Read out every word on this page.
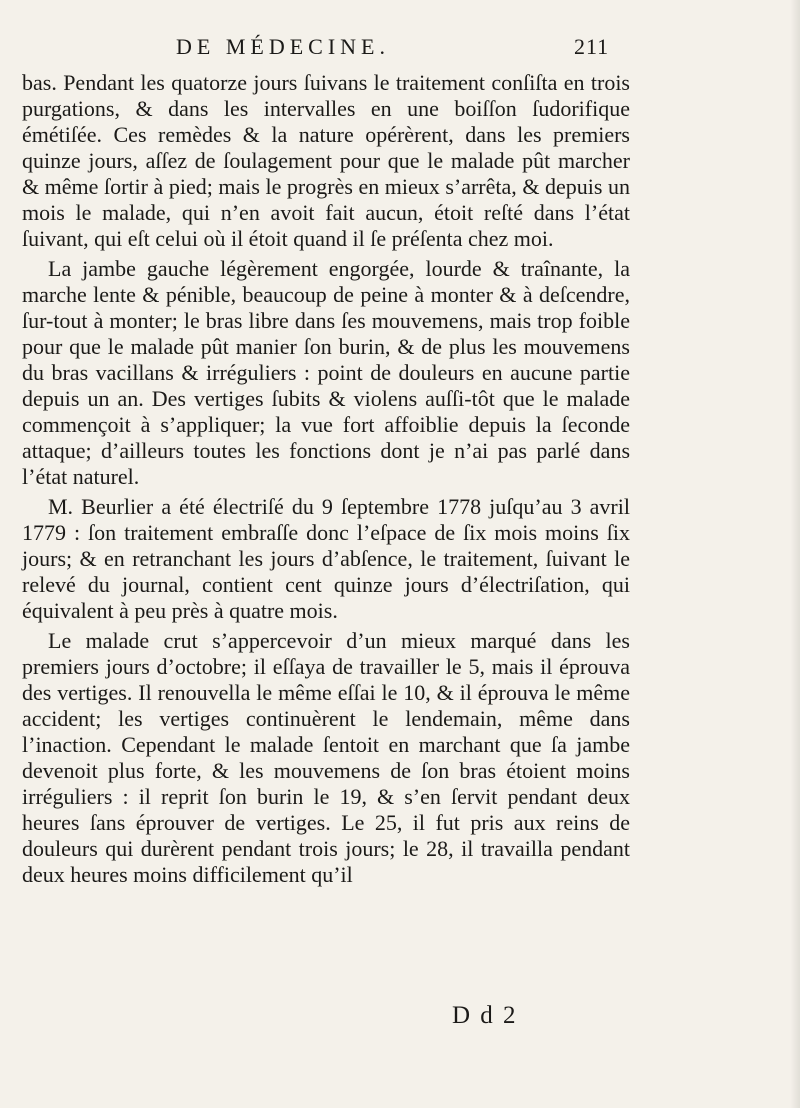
DE MÉDECINE.	211

bas. Pendant les quatorze jours ſuivans le traitement conſiſta en trois purgations, & dans les intervalles en une boiſſon ſudorifique émétiſée. Ces remèdes & la nature opérèrent, dans les premiers quinze jours, aſſez de ſoulagement pour que le malade pût marcher & même ſortir à pied; mais le progrès en mieux s’arrêta, & depuis un mois le malade, qui n’en avoit fait aucun, étoit reſté dans l’état ſuivant, qui eſt celui où il étoit quand il ſe préſenta chez moi.

La jambe gauche légèrement engorgée, lourde & traînante, la marche lente & pénible, beaucoup de peine à monter & à deſcendre, ſur-tout à monter; le bras libre dans ſes mouvemens, mais trop foible pour que le malade pût manier ſon burin, & de plus les mouvemens du bras vacillans & irréguliers : point de douleurs en aucune partie depuis un an. Des vertiges ſubits & violens auſſi-tôt que le malade commençoit à s’appliquer; la vue fort affoiblie depuis la ſeconde attaque; d’ailleurs toutes les fonctions dont je n’ai pas parlé dans l’état naturel.

M. Beurlier a été électriſé du 9 ſeptembre 1778 juſqu’au 3 avril 1779 : ſon traitement embraſſe donc l’eſpace de ſix mois moins ſix jours; & en retranchant les jours d’abſence, le traitement, ſuivant le relevé du journal, contient cent quinze jours d’électriſation, qui équivalent à peu près à quatre mois.

Le malade crut s’appercevoir d’un mieux marqué dans les premiers jours d’octobre; il eſſaya de travailler le 5, mais il éprouva des vertiges. Il renouvella le même eſſai le 10, & il éprouva le même accident; les vertiges continuèrent le lendemain, même dans l’inaction. Cependant le malade ſentoit en marchant que ſa jambe devenoit plus forte, & les mouvemens de ſon bras étoient moins irréguliers : il reprit ſon burin le 19, & s’en ſervit pendant deux heures ſans éprouver de vertiges. Le 25, il fut pris aux reins de douleurs qui durèrent pendant trois jours; le 28, il travailla pendant deux heures moins difficilement qu’il

D d 2
